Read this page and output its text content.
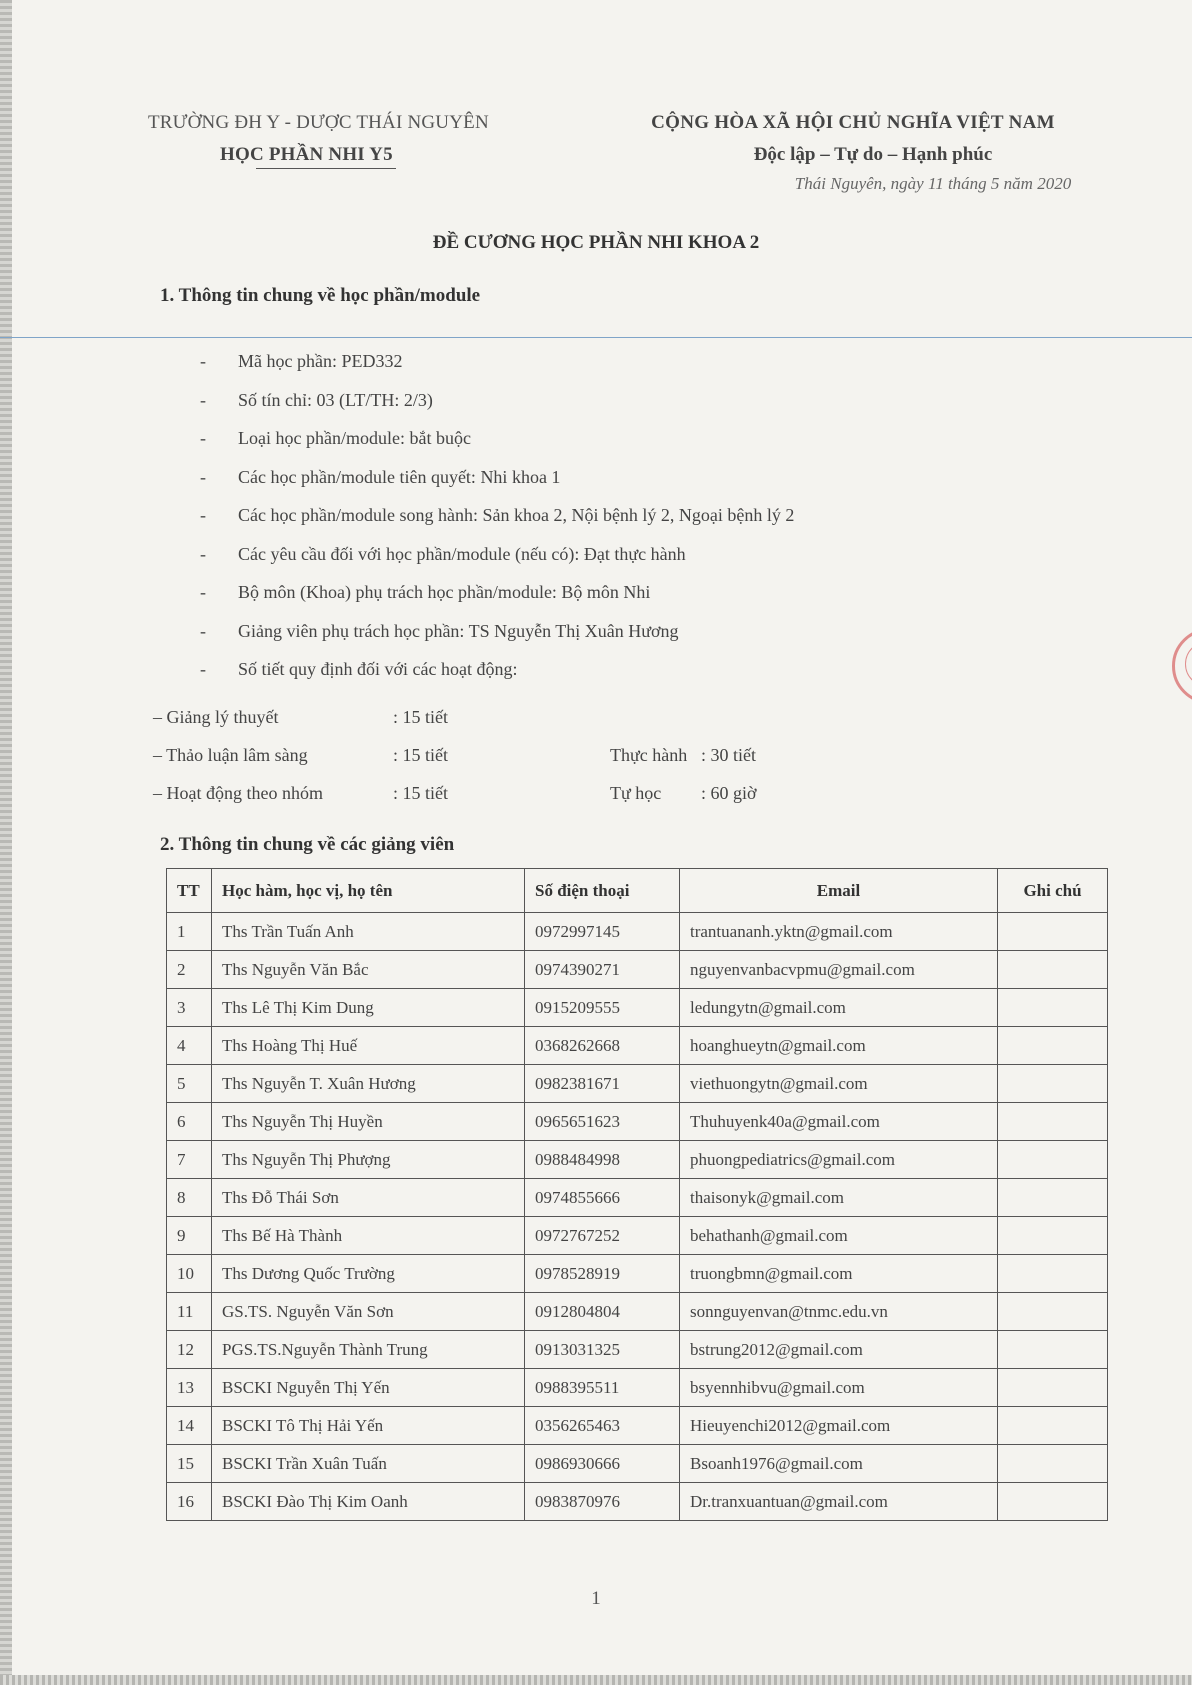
TRƯỜNG ĐH Y - DƯỢC THÁI NGUYÊN
HỌC PHẦN NHI Y5
CỘNG HÒA XÃ HỘI CHỦ NGHĨA VIỆT NAM
Độc lập – Tự do – Hạnh phúc
Thái Nguyên, ngày 11 tháng 5 năm 2020
ĐỀ CƯƠNG HỌC PHẦN NHI KHOA 2
1. Thông tin chung về học phần/module
- Mã học phần: PED332
- Số tín chỉ: 03 (LT/TH: 2/3)
- Loại học phần/module: bắt buộc
- Các học phần/module tiên quyết: Nhi khoa 1
- Các học phần/module song hành: Sản khoa 2, Nội bệnh lý 2, Ngoại bệnh lý 2
- Các yêu cầu đối với học phần/module (nếu có): Đạt thực hành
- Bộ môn (Khoa) phụ trách học phần/module: Bộ môn Nhi
- Giảng viên phụ trách học phần: TS Nguyễn Thị Xuân Hương
- Số tiết quy định đối với các hoạt động:
– Giảng lý thuyết	: 15 tiết
– Thảo luận lâm sàng	: 15 tiết	Thực hành : 30 tiết
– Hoạt động theo nhóm	: 15 tiết	Tự học : 60 giờ
2. Thông tin chung về các giảng viên
TT	Học hàm, học vị, họ tên	Số điện thoại	Email	Ghi chú
1	Ths Trần Tuấn Anh	0972997145	trantuananh.yktn@gmail.com	
2	Ths Nguyễn Văn Bắc	0974390271	nguyenvanbacvpmu@gmail.com	
3	Ths Lê Thị Kim Dung	0915209555	ledungytn@gmail.com	
4	Ths Hoàng Thị Huế	0368262668	hoanghueytn@gmail.com	
5	Ths Nguyễn T. Xuân Hương	0982381671	viethuongytn@gmail.com	
6	Ths Nguyễn Thị Huyền	0965651623	Thuhuyenk40a@gmail.com	
7	Ths Nguyễn Thị Phượng	0988484998	phuongpediatrics@gmail.com	
8	Ths Đỗ Thái Sơn	0974855666	thaisonyk@gmail.com	
9	Ths Bế Hà Thành	0972767252	behathanh@gmail.com	
10	Ths Dương Quốc Trường	0978528919	truongbmn@gmail.com	
11	GS.TS. Nguyễn Văn Sơn	0912804804	sonnguyenvan@tnmc.edu.vn	
12	PGS.TS.Nguyễn Thành Trung	0913031325	bstrung2012@gmail.com	
13	BSCKI Nguyễn Thị Yến	0988395511	bsyennhibvu@gmail.com	
14	BSCKI Tô Thị Hải Yến	0356265463	Hieuyenchi2012@gmail.com	
15	BSCKI Trần Xuân Tuấn	0986930666	Bsoanh1976@gmail.com	
16	BSCKI Đào Thị Kim Oanh	0983870976	Dr.tranxuantuan@gmail.com	
1
